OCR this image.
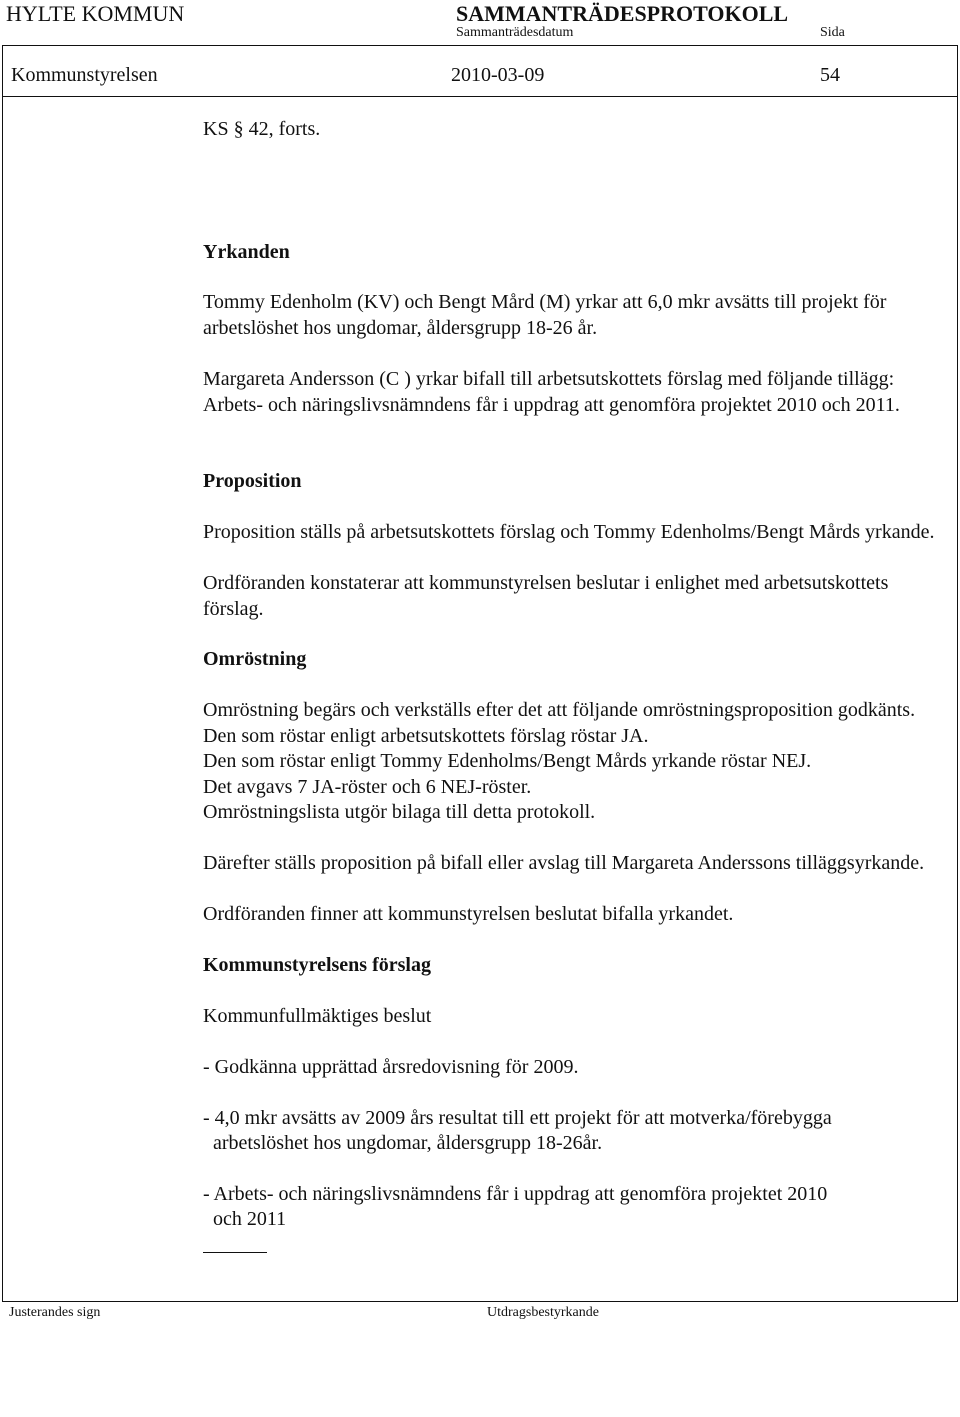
HYLTE KOMMUN	SAMMANTRÄDESPROTOKOLL
Sammanträdesdatum	Sida
Kommunstyrelsen	2010-03-09	54

KS § 42, forts.

Yrkanden

Tommy Edenholm (KV) och Bengt Mård (M) yrkar att 6,0 mkr avsätts till projekt för arbetslöshet hos ungdomar, åldersgrupp 18-26 år.

Margareta Andersson (C ) yrkar bifall till arbetsutskottets förslag med följande tillägg: Arbets- och näringslivsnämndens får i uppdrag att genomföra projektet 2010 och 2011.

Proposition

Proposition ställs på arbetsutskottets förslag och Tommy Edenholms/Bengt Mårds yrkande.

Ordföranden konstaterar att kommunstyrelsen beslutar i enlighet med arbetsutskottets förslag.

Omröstning

Omröstning begärs och verkställs efter det att följande omröstningsproposition godkänts.

Den som röstar enligt arbetsutskottets förslag röstar JA.

Den som röstar enligt Tommy Edenholms/Bengt Mårds yrkande röstar NEJ.

Det avgavs 7 JA-röster och 6 NEJ-röster.

Omröstningslista utgör bilaga till detta protokoll.

Därefter ställs proposition på bifall eller avslag till Margareta Anderssons tilläggsyrkande.

Ordföranden finner att kommunstyrelsen beslutat bifalla yrkandet.

Kommunstyrelsens förslag

Kommunfullmäktiges beslut

- Godkänna upprättad årsredovisning för 2009.

- 4,0 mkr avsätts av 2009 års resultat till ett projekt för att motverka/förebygga

arbetslöshet hos ungdomar, åldersgrupp 18-26år.

- Arbets- och näringslivsnämndens får i uppdrag att genomföra projektet 2010

och 2011

Justerandes sign	Utdragsbestyrkande
